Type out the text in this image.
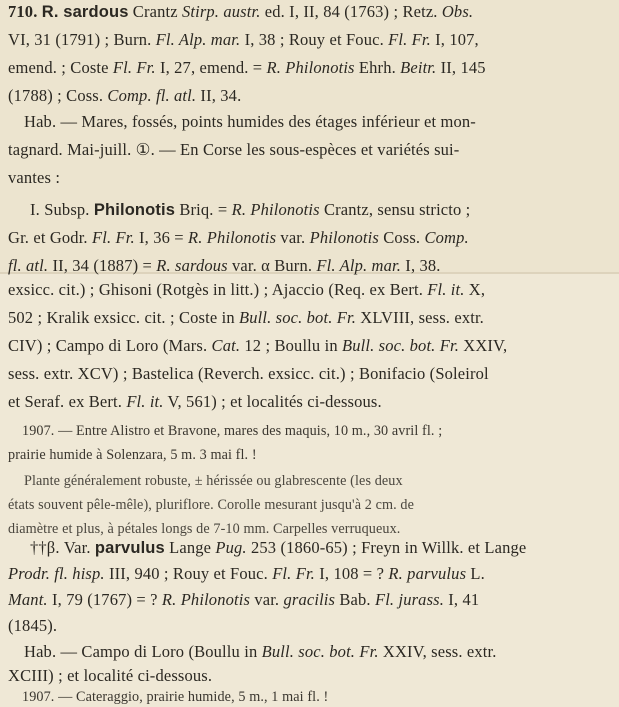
710. R. sardous Crantz Stirp. austr. ed. I, II, 84 (1763) ; Retz. Obs.
VI, 31 (1791) ; Burn. Fl. Alp. mar. I, 38 ; Rouy et Fouc. Fl. Fr. I, 107,
emend. ; Coste Fl. Fr. I, 27, emend. = R. Philonotis Ehrh. Beitr. II, 145
(1788) ; Coss. Comp. fl. atl. II, 34.
Hab. — Mares, fossés, points humides des étages inférieur et mon-
tagnard. Mai-juill. ①. — En Corse les sous-espèces et variétés sui-
vantes :
I. Subsp. Philonotis Briq. = R. Philonotis Crantz, sensu stricto ;
Gr. et Godr. Fl. Fr. I, 36 = R. Philonotis var. Philonotis Coss. Comp.
fl. atl. II, 34 (1887) = R. sardous var. α Burn. Fl. Alp. mar. I, 38.
exsicc. cit.) ; Ghisoni (Rotgès in litt.) ; Ajaccio (Req. ex Bert. Fl. it. X,
502 ; Kralik exsicc. cit. ; Coste in Bull. soc. bot. Fr. XLVIII, sess. extr.
CIV) ; Campo di Loro (Mars. Cat. 12 ; Boullu in Bull. soc. bot. Fr. XXIV,
sess. extr. XCV) ; Bastelica (Reverch. exsicc. cit.) ; Bonifacio (Soleirol
et Seraf. ex Bert. Fl. it. V, 561) ; et localités ci-dessous.
1907. — Entre Alistro et Bravone, mares des maquis, 10 m., 30 avril fl. ;
prairie humide à Solenzara, 5 m. 3 mai fl. !
Plante généralement robuste, ± hérissée ou glabrescente (les deux
états souvent pêle-mêle), pluriflore. Corolle mesurant jusqu'à 2 cm. de
diamètre et plus, à pétales longs de 7-10 mm. Carpelles verruqueux.
††β. Var. parvulus Lange Pug. 253 (1860-65) ; Freyn in Willk. et Lange
Prodr. fl. hisp. III, 940 ; Rouy et Fouc. Fl. Fr. I, 108 = ? R. parvulus L.
Mant. I, 79 (1767) = ? R. Philonotis var. gracilis Bab. Fl. jurass. I, 41
(1845).
Hab. — Campo di Loro (Boullu in Bull. soc. bot. Fr. XXIV, sess. extr.
XCIII) ; et localité ci-dessous.
1907. — Cateraggio, prairie humide, 5 m., 1 mai fl. !
